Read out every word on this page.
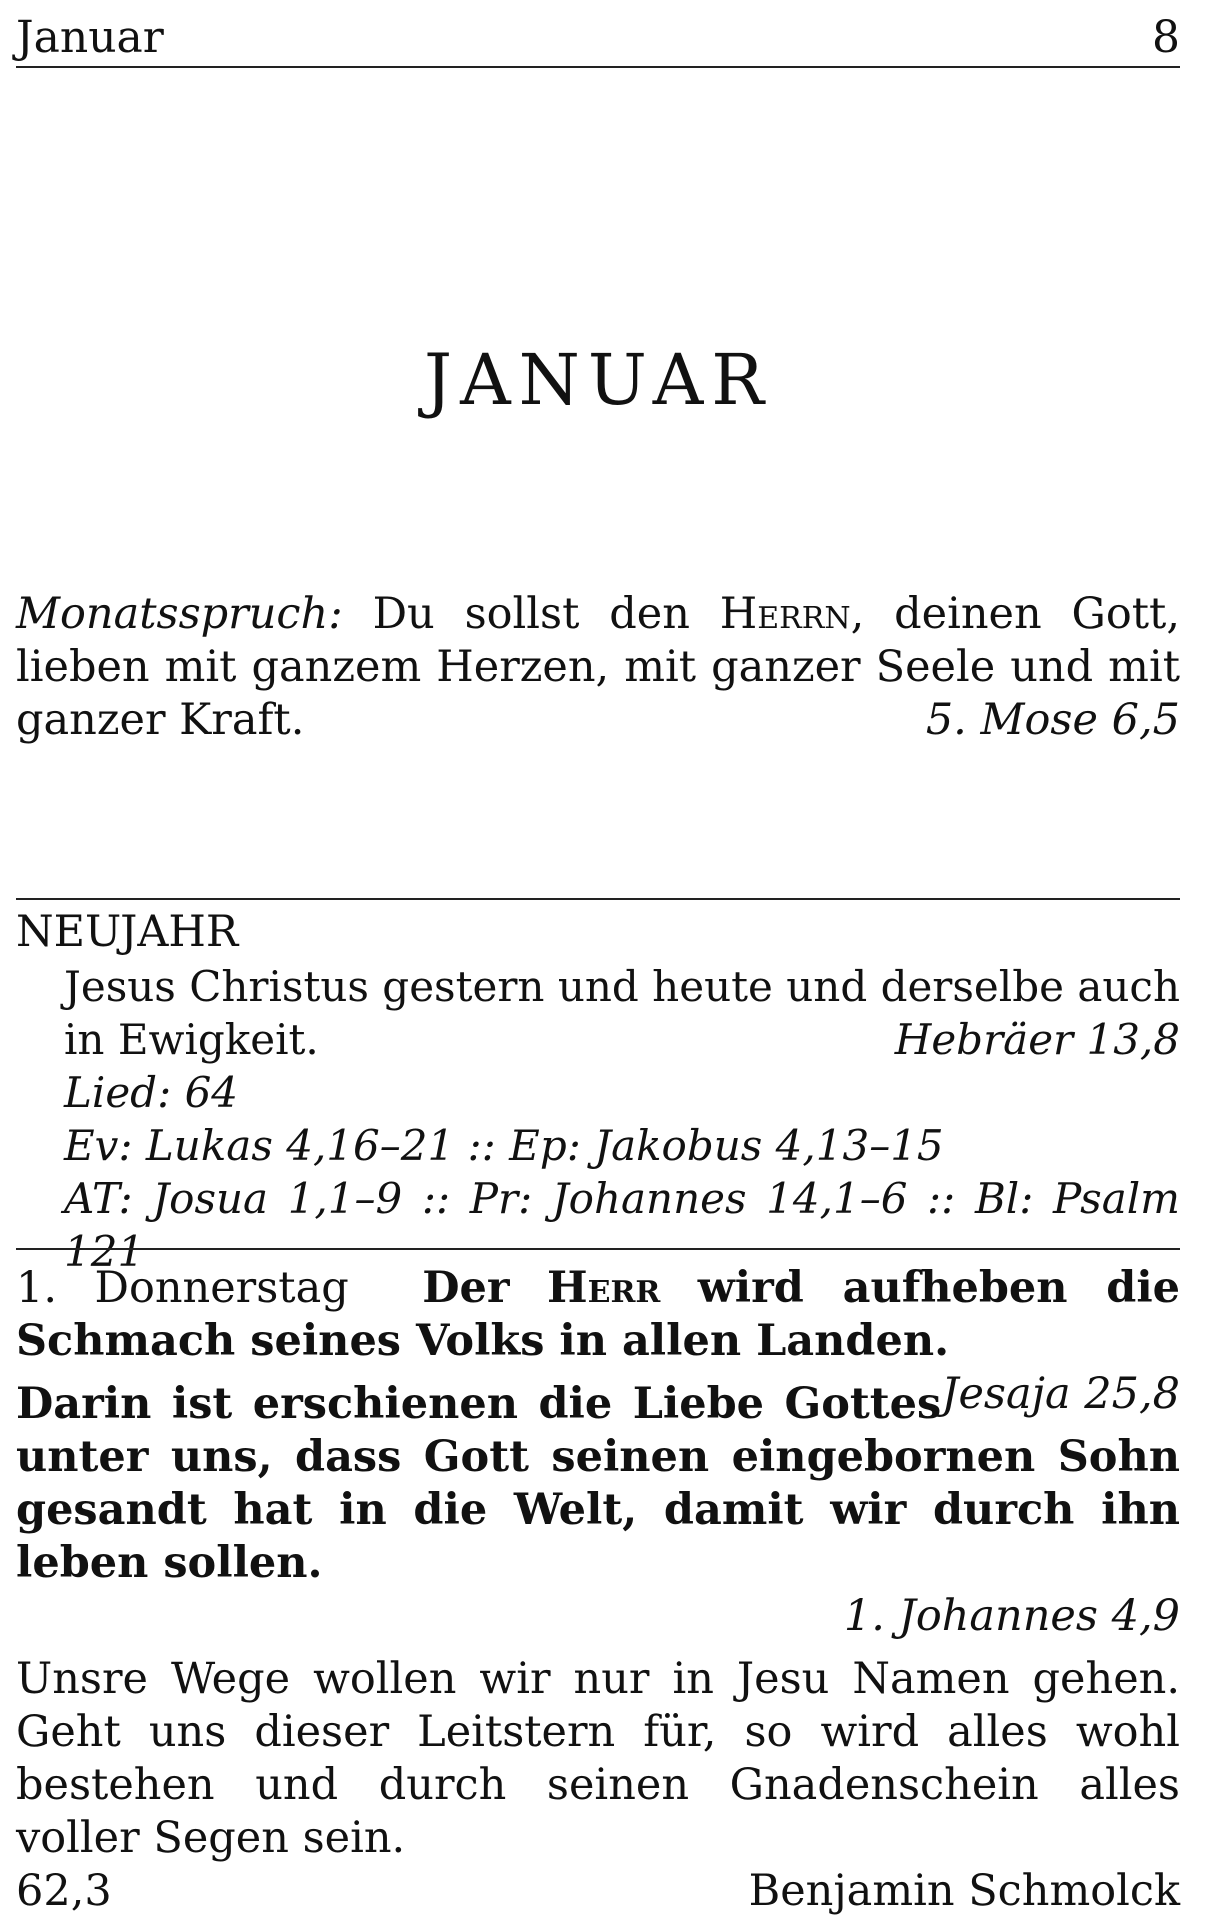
Januar	8
JANUAR
Monatsspruch: Du sollst den Herrn, deinen Gott, lieben mit ganzem Herzen, mit ganzer Seele und mit ganzer Kraft.	5. Mose 6,5
NEUJAHR
Jesus Christus gestern und heute und derselbe auch in Ewigkeit.	Hebräer 13,8
Lied: 64
Ev: Lukas 4,16–21 :: Ep: Jakobus 4,13–15
AT: Josua 1,1–9 :: Pr: Johannes 14,1–6 :: Bl: Psalm 121
1. Donnerstag Der Herr wird aufheben die Schmach seines Volks in allen Landen.
Jesaja 25,8
Darin ist erschienen die Liebe Gottes unter uns, dass Gott seinen eingebornen Sohn gesandt hat in die Welt, damit wir durch ihn leben sollen.
1. Johannes 4,9
Unsre Wege wollen wir nur in Jesu Namen gehen. Geht uns dieser Leitstern für, so wird alles wohl bestehen und durch seinen Gnadenschein alles voller Segen sein.
62,3	Benjamin Schmolck
